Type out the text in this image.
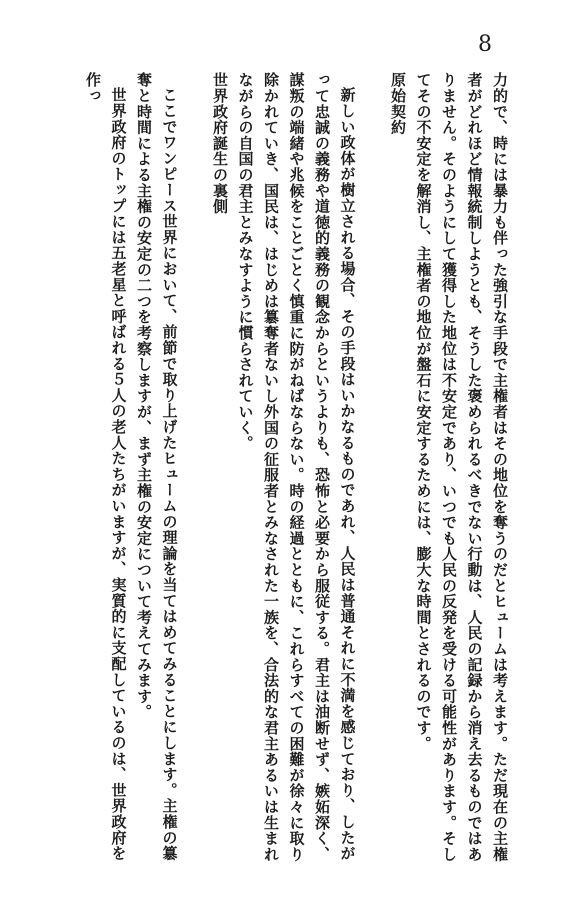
8

力的で、時には暴力も伴った強引な手段で主権者はその地位を奪うのだとヒュームは考えます。ただ現在の主権者がどれほど情報統制しようとも、そうした褒められるべきでない行動は、人民の記録から消え去るものではありません。そのようにして獲得した地位は不安定であり、いつでも人民の反発を受ける可能性があります。そしてその不安定を解消し、主権者の地位が盤石に安定するためには、膨大な時間とされるのです。

原始契約

新しい政体が樹立される場合、その手段はいかなるものであれ、人民は普通それに不満を感じており、したがって忠誠の義務や道徳的義務の観念からというよりも、恐怖と必要から服従する。君主は油断せず、嫉妬深く、謀叛の端緒や兆候をことごとく慎重に防がねばならない。時の経過とともに、これらすべての困難が徐々に取り除かれていき、国民は、はじめは簒奪者ないし外国の征服者とみなされた一族を、合法的な君主あるいは生まれながらの自国の君主とみなすように慣らされていく。

世界政府誕生の裏側

ここでワンピース世界において、前節で取り上げたヒュームの理論を当てはめてみることにします。主権の簒奪と時間による主権の安定の二つを考察しますが、まず主権の安定について考えてみます。

世界政府のトップには五老星と呼ばれる５人の老人たちがいますが、実質的に支配しているのは、世界政府を作っ
